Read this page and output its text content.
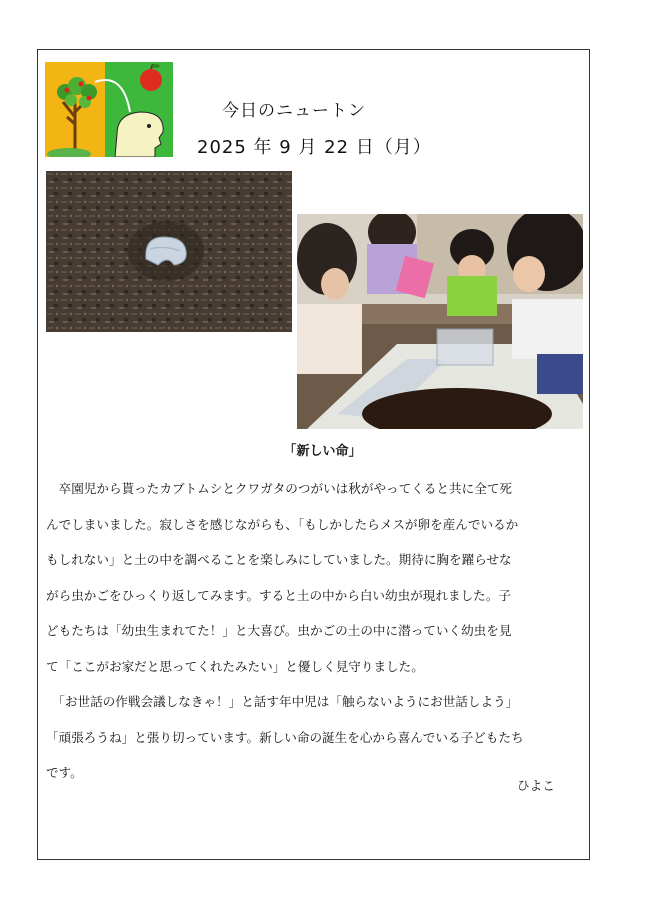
今日のニュートン
2025 年 9 月 22 日（月）
「新しい命」

　卒園児から貰ったカブトムシとクワガタのつがいは秋がやってくると共に全て死

んでしまいました。寂しさを感じながらも、「もしかしたらメスが卵を産んでいるか

もしれない」と土の中を調べることを楽しみにしていました。期待に胸を躍らせな

がら虫かごをひっくり返してみます。すると土の中から白い幼虫が現れました。子

どもたちは「幼虫生まれてた！」と大喜び。虫かごの土の中に潜っていく幼虫を見

て「ここがお家だと思ってくれたみたい」と優しく見守りました。

　「お世話の作戦会議しなきゃ！」と話す年中児は「触らないようにお世話しよう」

「頑張ろうね」と張り切っています。新しい命の誕生を心から喜んでいる子どもたち

です。

ひよこ
